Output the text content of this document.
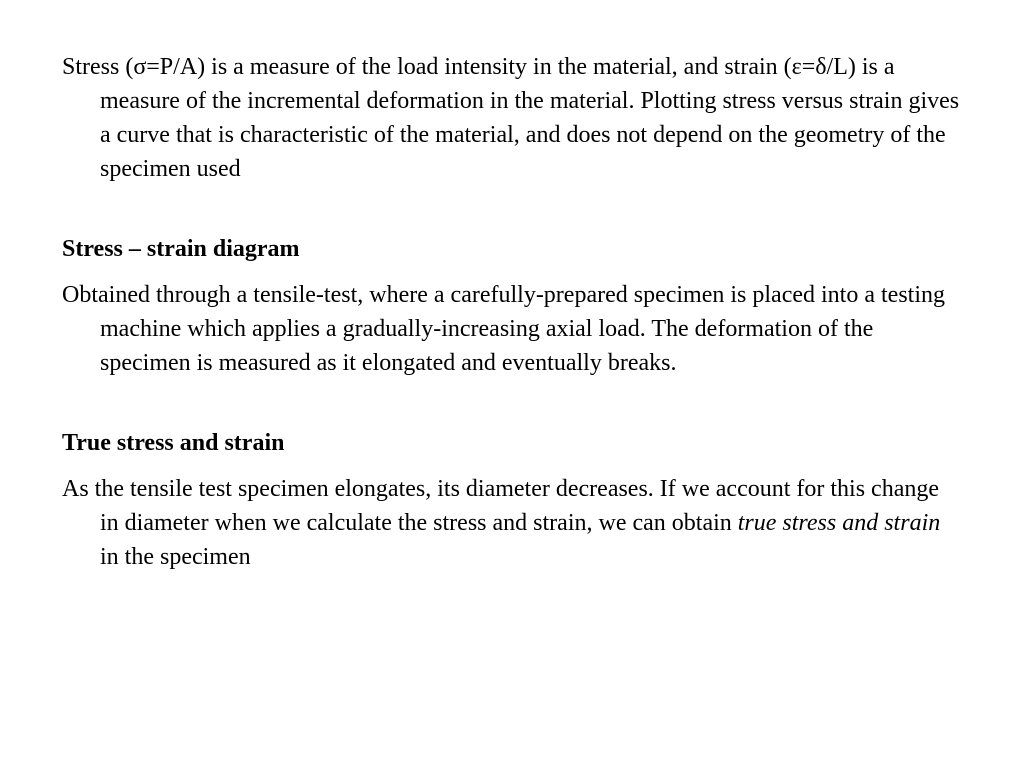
Stress (σ=P/A) is a measure of the load intensity in the material, and strain (ε=δ/L) is a measure of the incremental deformation in the material. Plotting stress versus strain gives a curve that is characteristic of the material, and does not depend on the geometry of the specimen used

Stress – strain diagram

Obtained through a tensile-test, where a carefully-prepared specimen is placed into a testing machine which applies a gradually-increasing axial load. The deformation of the specimen is measured as it elongated and eventually breaks.

True stress and strain

As the tensile test specimen elongates, its diameter decreases. If we account for this change in diameter when we calculate the stress and strain, we can obtain true stress and strain in the specimen
